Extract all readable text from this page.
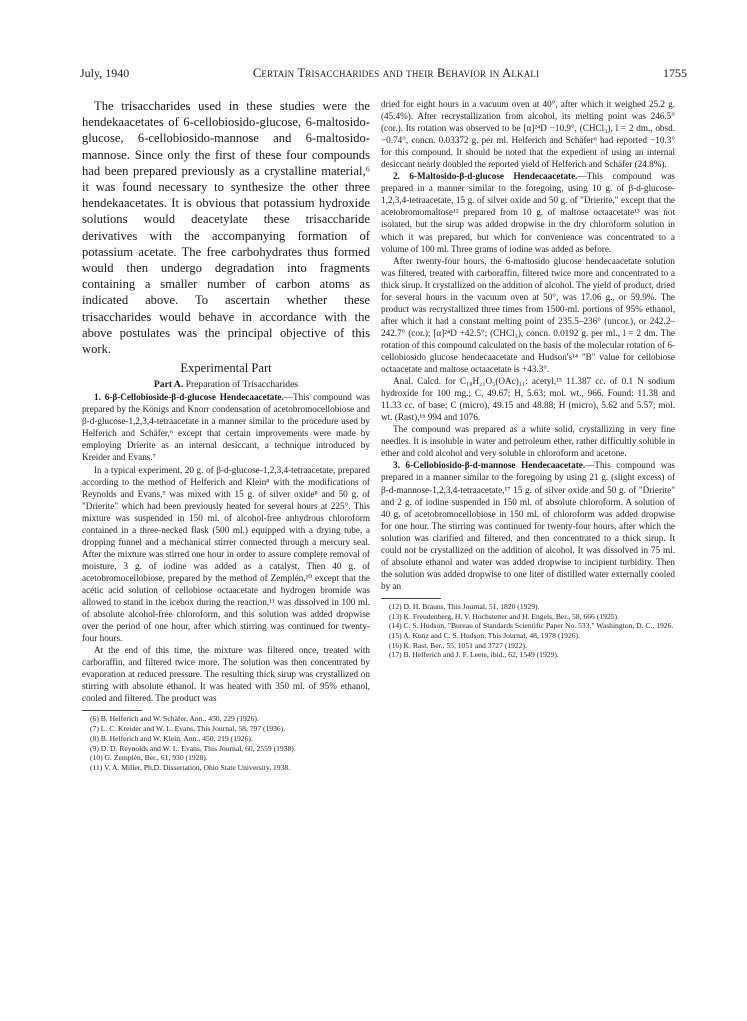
July, 1940	Certain Trisaccharides and their Behavior in Alkali	1755

The trisaccharides used in these studies were the hendekaacetates of 6-cellobiosido-glucose, 6-maltosido-glucose, 6-cellobiosido-mannose and 6-maltosido-mannose. Since only the first of these four compounds had been prepared previously as a crystalline material,⁶ it was found necessary to synthesize the other three hendekaacetates. It is obvious that potassium hydroxide solutions would deacetylate these trisaccharide derivatives with the accompanying formation of potassium acetate. The free carbohydrates thus formed would then undergo degradation into fragments containing a smaller number of carbon atoms as indicated above. To ascertain whether these trisaccharides would behave in accordance with the above postulates was the principal objective of this work.

Experimental Part
Part A. Preparation of Trisaccharides

1. 6-β-Cellobioside-β-d-glucose Hendecaacetate.—This compound was prepared by the Königs and Knorr condensation of acetobromocellobiose and β-d-glucose-1,2,3,4-tetraacetate in a manner similar to the procedure used by Helferich and Schäfer,⁶ except that certain improvements were made by employing Drierite as an internal desiccant, a technique introduced by Kreider and Evans.⁷

In a typical experiment, 20 g. of β-d-glucose-1,2,3,4-tetraacetate, prepared according to the method of Helferich and Klein⁸ with the modifications of Reynolds and Evans,⁹ was mixed with 15 g. of silver oxide⁸ and 50 g. of "Drierite" which had been previously heated for several hours at 225°. This mixture was suspended in 150 ml. of alcohol-free anhydrous chloroform contained in a three-necked flask (500 ml.) equipped with a drying tube, a dropping funnel and a mechanical stirrer connected through a mercury seal. After the mixture was stirred one hour in order to assure complete removal of moisture, 3 g. of iodine was added as a catalyst. Then 40 g. of acetobromocellobiose, prepared by the method of Zemplén,¹⁰ except that the acetic acid solution of cellobiose octaacetate and hydrogen bromide was allowed to stand in the icebox during the reaction,¹¹ was dissolved in 100 ml. of absolute alcohol-free chloroform, and this solution was added dropwise over the period of one hour, after which stirring was continued for twenty-four hours.

At the end of this time, the mixture was filtered once, treated with carboraffin, and filtered twice more. The solution was then concentrated by evaporation at reduced pressure. The resulting thick sirup was crystallized on stirring with absolute ethanol. It was heated with 350 ml. of 95% ethanol, cooled and filtered. The product was

(6) B. Helferich and W. Schäfer, Ann., 450, 229 (1926).

(7) L. C. Kreider and W. L. Evans, This Journal, 58, 797 (1936).

(8) B. Helferich and W. Klein, Ann., 450, 219 (1926).

(9) D. D. Reynolds and W. L. Evans, This Journal, 60, 2559 (1938).

(10) G. Zemplén, Ber., 61, 930 (1928).

(11) V. A. Miller, Ph.D. Dissertation, Ohio State University, 1938.

dried for eight hours in a vacuum oven at 40°, after which it weighed 25.2 g. (45.4%). After recrystallization from alcohol, its melting point was 246.5° (cor.). Its rotation was observed to be [α]²⁴D −10.9°, (CHCl₃), l = 2 dm., obsd. −0.74°, concn. 0.03372 g. per ml. Helferich and Schäfer⁶ had reported −10.3° for this compound. It should be noted that the expedient of using an internal desiccant nearly doubled the reported yield of Helferich and Schäfer (24.8%).

2. 6-Maltosido-β-d-glucose Hendecaacetate.—This compound was prepared in a manner similar to the foregoing, using 10 g. of β-d-glucose-1,2,3,4-tetraacetate, 15 g. of silver oxide and 50 g. of "Drierite," except that the acetobromomaltose¹² prepared from 10 g. of maltose octaacetate¹³ was not isolated, but the sirup was added dropwise in the dry chloroform solution in which it was prepared, but which for convenience was concentrated to a volume of 100 ml. Three grams of iodine was added as before.

After twenty-four hours, the 6-maltosido glucose hendecaacetate solution was filtered, treated with carboraffin, filtered twice more and concentrated to a thick sirup. It crystallized on the addition of alcohol. The yield of product, dried for several hours in the vacuum oven at 50°, was 17.06 g., or 59.9%. The product was recrystallized three times from 1500-ml. portions of 95% ethanol, after which it had a constant melting point of 235.5–236° (uncor.), or 242.2–242.7° (cor.); [α]²⁴D +42.5°; (CHCl₃), concn. 0.0192 g. per ml., l = 2 dm. The rotation of this compound calculated on the basis of the molecular rotation of 6-cellobiosido glucose hendecaacetate and Hudson's¹⁴ "B" value for cellobiose octaacetate and maltose octaacetate is +43.3°.

Anal. Calcd. for C₁₈H₂₁O₅(OAc)₁₁: acetyl,¹⁵ 11.387 cc. of 0.1 N sodium hydroxide for 100 mg.; C, 49.67; H, 5.63; mol. wt., 966. Found: 11.38 and 11.33 cc. of base; C (micro), 49.15 and 48.88; H (micro), 5.62 and 5.57; mol. wt. (Rast),¹⁶ 994 and 1076.

The compound was prepared as a white solid, crystallizing in very fine needles. It is insoluble in water and petroleum ether, rather difficultly soluble in ether and cold alcohol and very soluble in chloroform and acetone.

3. 6-Cellobiosido-β-d-mannose Hendecaacetate.—This compound was prepared in a manner similar to the foregoing by using 21 g. (slight excess) of β-d-mannose-1,2,3,4-tetraacetate,¹⁷ 15 g. of silver oxide and 50 g. of "Drierite" and 2 g. of iodine suspended in 150 ml. of absolute chloroform. A solution of 40 g. of acetobromocellobiose in 150 ml. of chloroform was added dropwise for one hour. The stirring was continued for twenty-four hours, after which the solution was clarified and filtered, and then concentrated to a thick sirup. It could not be crystallized on the addition of alcohol. It was dissolved in 75 ml. of absolute ethanol and water was added dropwise to incipient turbidity. Then the solution was added dropwise to one liter of distilled water externally cooled by an

(12) D. H. Brauns, This Journal, 51, 1820 (1929).

(13) K. Freudenberg, H. V. Hochstetter and H. Engels, Ber., 58, 666 (1925).

(14) C. S. Hudson, "Bureau of Standards Scientific Paper No. 533," Washington, D. C., 1926.

(15) A. Kunz and C. S. Hudson, This Journal, 48, 1978 (1926).

(16) K. Rast, Ber., 55, 1051 and 3727 (1922).

(17) B. Helferich and J. F. Leete, ibid., 62, 1549 (1929).
